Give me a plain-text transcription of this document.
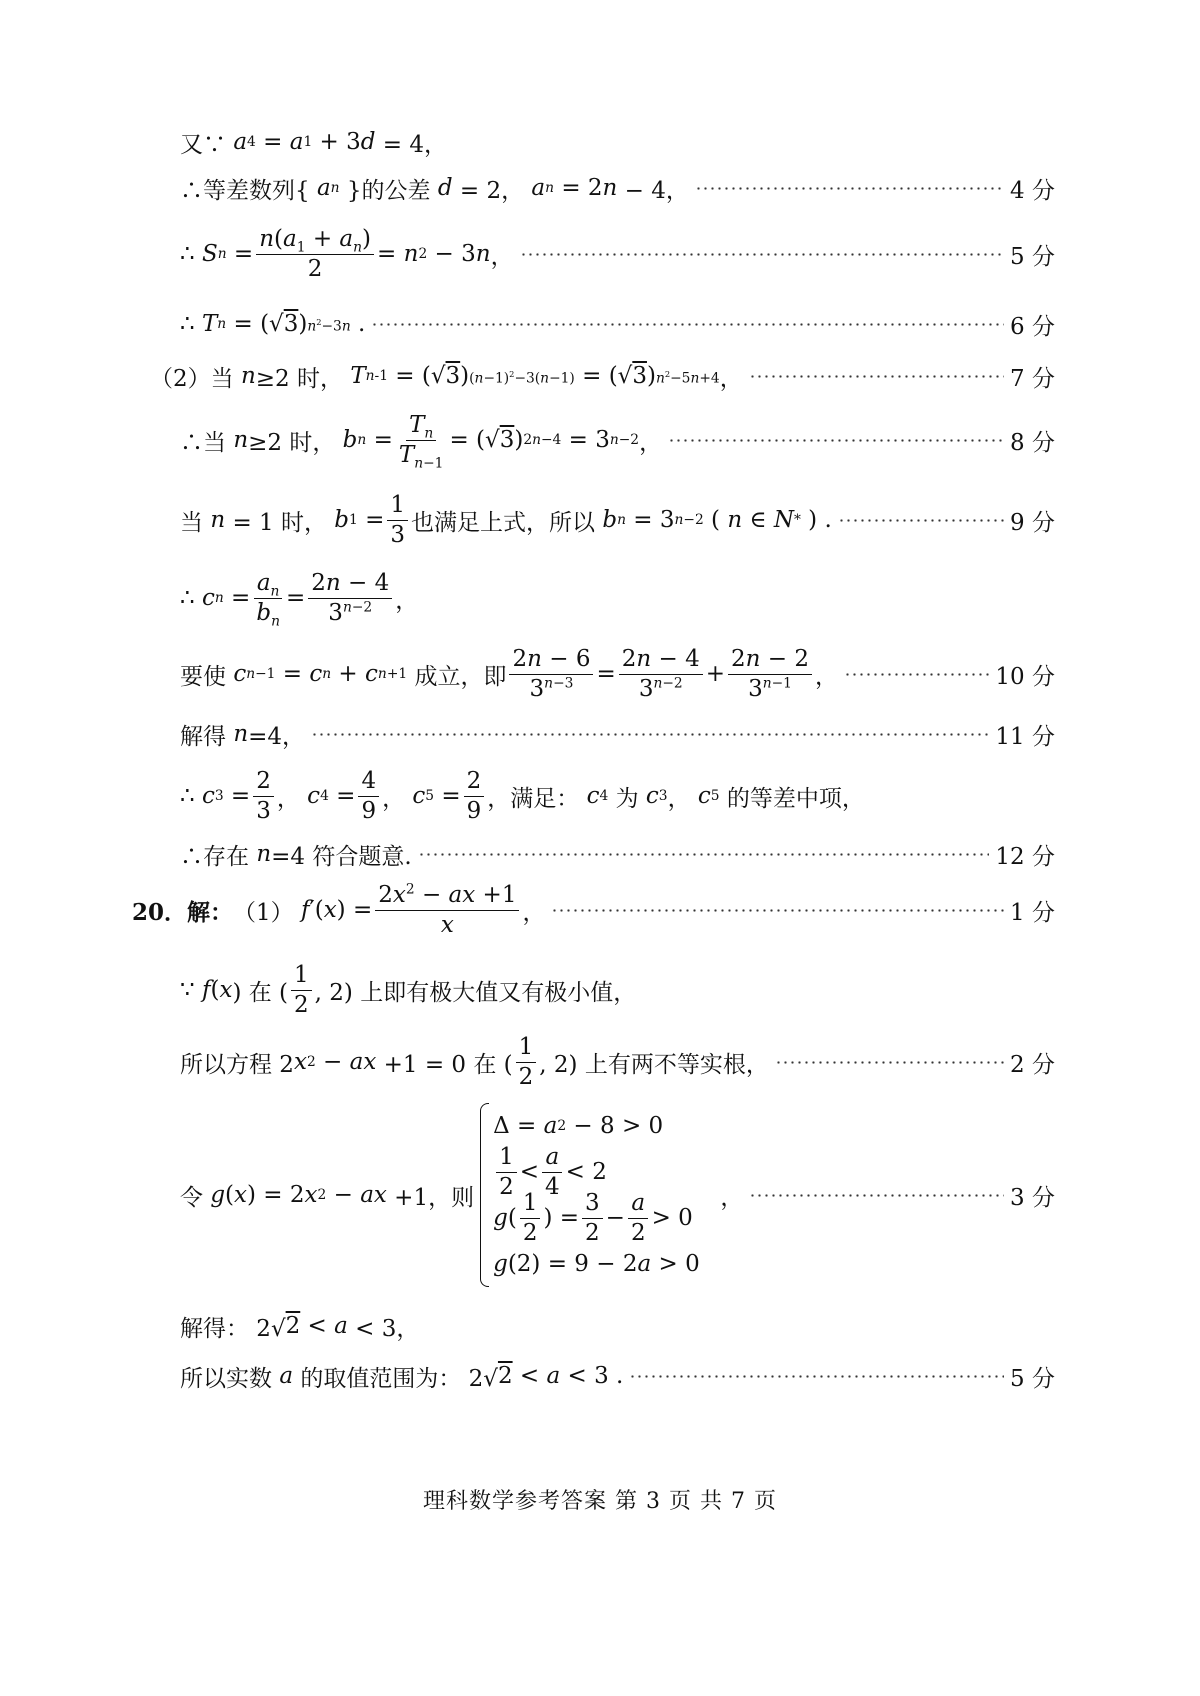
又∵ a 4 = a 1 + 3 d = 4，
∴等差数列{ a n }的公差 d = 2， a n = 2 n − 4，	4 分
∴ S $n = \frac{n(a_1 + a_n)}{2} = n$ 2 − 3 n ，	5 分
∴ T n = (√ 3 ) $n^2-3n$ .	6 分
（2）当 n ≥2 时， T n-1 = (√ 3 ) $(n-1)^2-3(n-1)$ = (√ 3 ) $n^2-5n+4$ ，	7 分
∴当 n ≥2 时， b $n = \frac{T_n}{T_{n-1}}$ = (√ 3 ) 2n−4 = 3 n−2 ，	8 分
当 n = 1 时， b $1 = \frac{1}{3}$ 也满足上式，所以 b n = 3 n−2 ( n ∈ N * ) .	9 分
∴ c $n = \frac{a_n}{b_n} = \frac{2n - 4}{3^{n-2}}$ ，
要使 c n−1 = c n + c n+1 成立，即 $\frac{2n - 6}{3^{n-3}} = \frac{2n - 4}{3^{n-2}} + \frac{2n - 2}{3^{n-1}}$ ，	10 分
解得 n =4，	11 分
∴ c $3 = \frac{2}{3}$ ， c $4 = \frac{4}{9}$ ， c $5 = \frac{2}{9}$ ，满足： c 4 为 c 3 ， c 5 的等差中项，
∴存在 n =4 符合题意.	12 分
20．解： （1） f ′( x ) = $\frac{2x^2 - ax +1}{x}$ ，	1 分
∵ f ( x ) 在 ( $\frac{1}{2}$ , 2) 上即有极大值又有极小值，
所以方程 2 x 2 − ax +1 = 0 在 ( $\frac{1}{2}$ , 2) 上有两不等实根，	2 分
令 g ( x ) = 2 x 2 − ax +1，则
Δ = a 2 − 8 > 0
$\frac{1}{2} < \frac{a}{4} < 2$
g ( $\frac{1}{2}$ ) = $\frac{3}{2} - \frac{a}{2} > 0$
g (2) = 9 − 2 a > 0
，	3 分
解得： 2√ 2 < a < 3，
所以实数 a 的取值范围为： 2√ 2 < a < 3 .	5 分
理科数学参考答案 第 3 页 共 7 页
